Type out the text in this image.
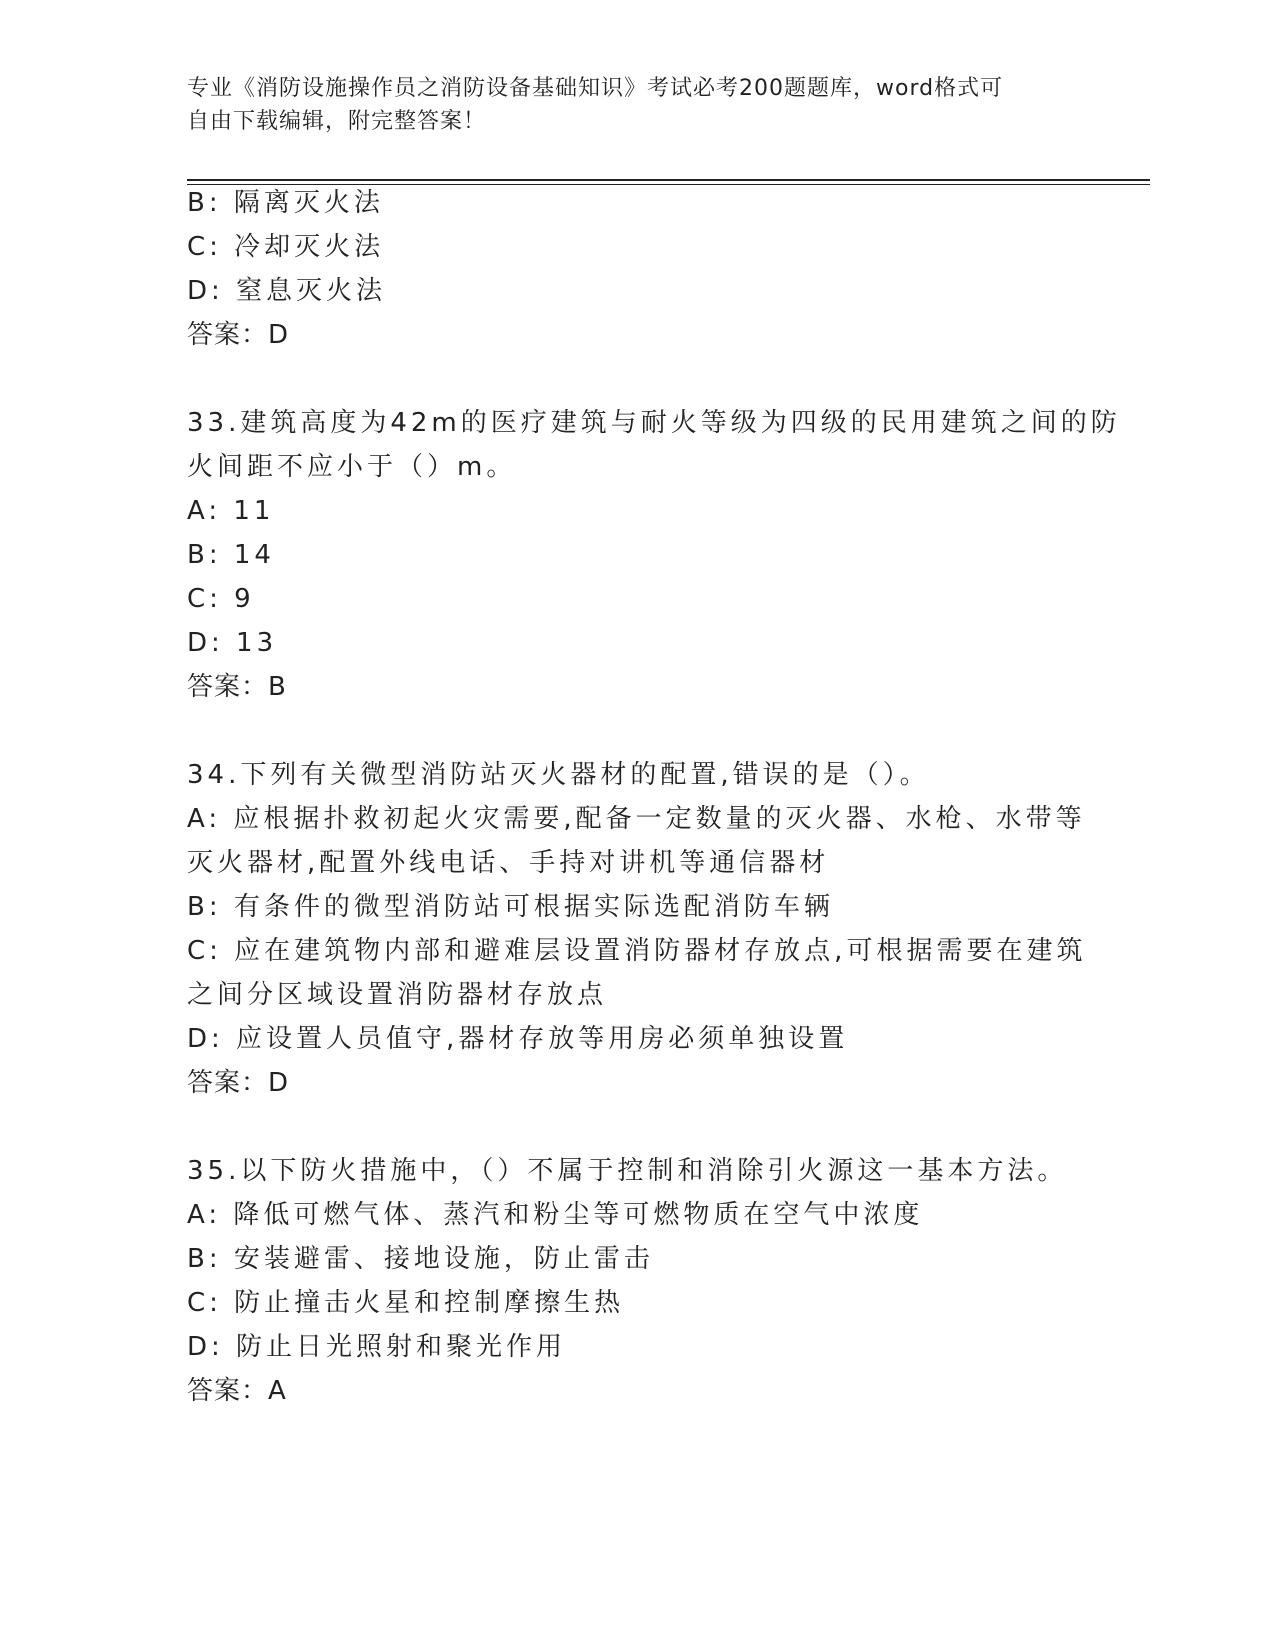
专业《消防设施操作员之消防设备基础知识》考试必考200题题库，word格式可
自由下载编辑，附完整答案！
B: 隔离灭火法
C: 冷却灭火法
D: 窒息灭火法
答案：D
33.建筑高度为42m的医疗建筑与耐火等级为四级的民用建筑之间的防
火间距不应小于（）m。
A: 11
B: 14
C: 9
D: 13
答案：B
34.下列有关微型消防站灭火器材的配置,错误的是（）。
A: 应根据扑救初起火灾需要,配备一定数量的灭火器、水枪、水带等
灭火器材,配置外线电话、手持对讲机等通信器材
B: 有条件的微型消防站可根据实际选配消防车辆
C: 应在建筑物内部和避难层设置消防器材存放点,可根据需要在建筑
之间分区域设置消防器材存放点
D: 应设置人员值守,器材存放等用房必须单独设置
答案：D
35.以下防火措施中，（）不属于控制和消除引火源这一基本方法。
A: 降低可燃气体、蒸汽和粉尘等可燃物质在空气中浓度
B: 安装避雷、接地设施，防止雷击
C: 防止撞击火星和控制摩擦生热
D: 防止日光照射和聚光作用
答案：A
